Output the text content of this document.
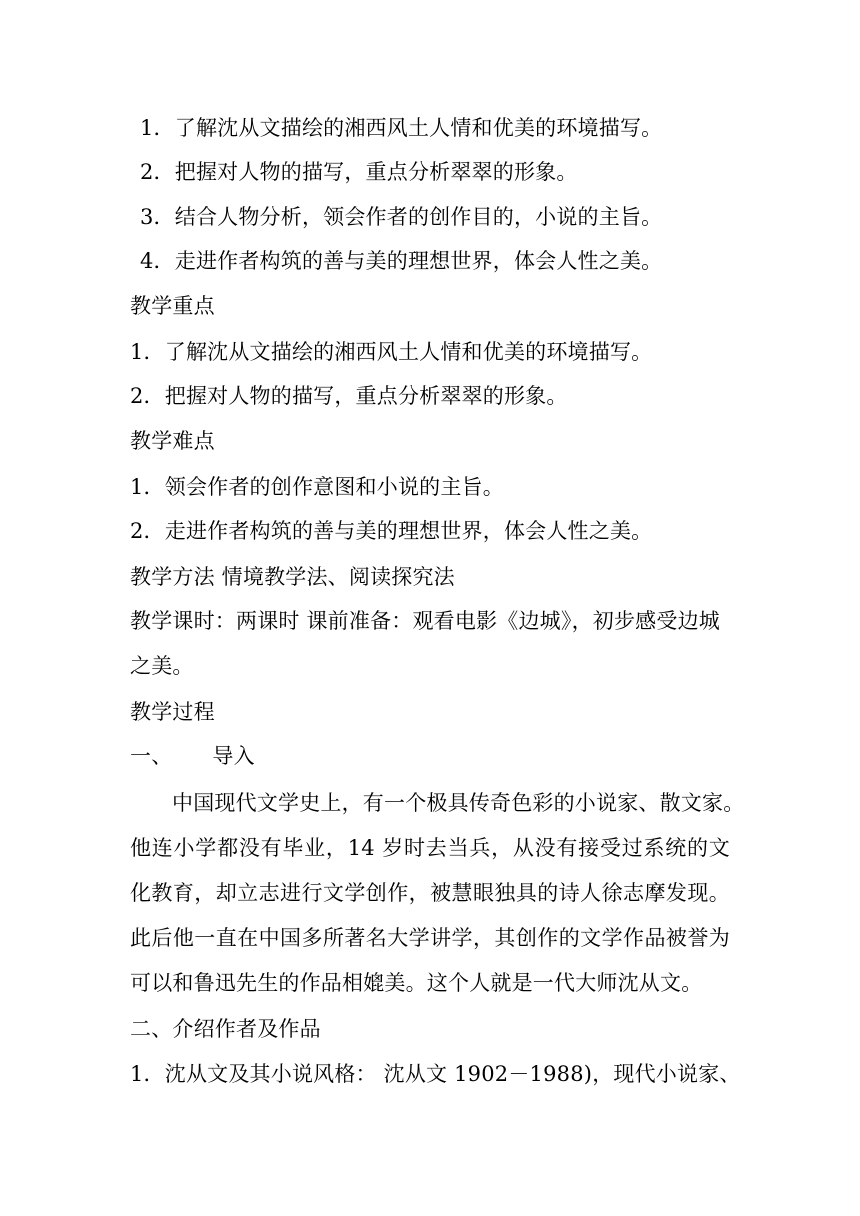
1．了解沈从文描绘的湘西风土人情和优美的环境描写。
2．把握对人物的描写，重点分析翠翠的形象。
3．结合人物分析，领会作者的创作目的，小说的主旨。
4．走进作者构筑的善与美的理想世界，体会人性之美。
教学重点
1．了解沈从文描绘的湘西风土人情和优美的环境描写。
2．把握对人物的描写，重点分析翠翠的形象。
教学难点
1．领会作者的创作意图和小说的主旨。
2．走进作者构筑的善与美的理想世界，体会人性之美。
教学方法 情境教学法、阅读探究法
教学课时：两课时 课前准备：观看电影《边城》，初步感受边城
之美。
教学过程
一、 导入
中国现代文学史上，有一个极具传奇色彩的小说家、散文家。
他连小学都没有毕业，14 岁时去当兵，从没有接受过系统的文
化教育，却立志进行文学创作，被慧眼独具的诗人徐志摩发现。
此后他一直在中国多所著名大学讲学，其创作的文学作品被誉为
可以和鲁迅先生的作品相媲美。这个人就是一代大师沈从文。
二、介绍作者及作品
1．沈从文及其小说风格： 沈从文 1902－1988)，现代小说家、
